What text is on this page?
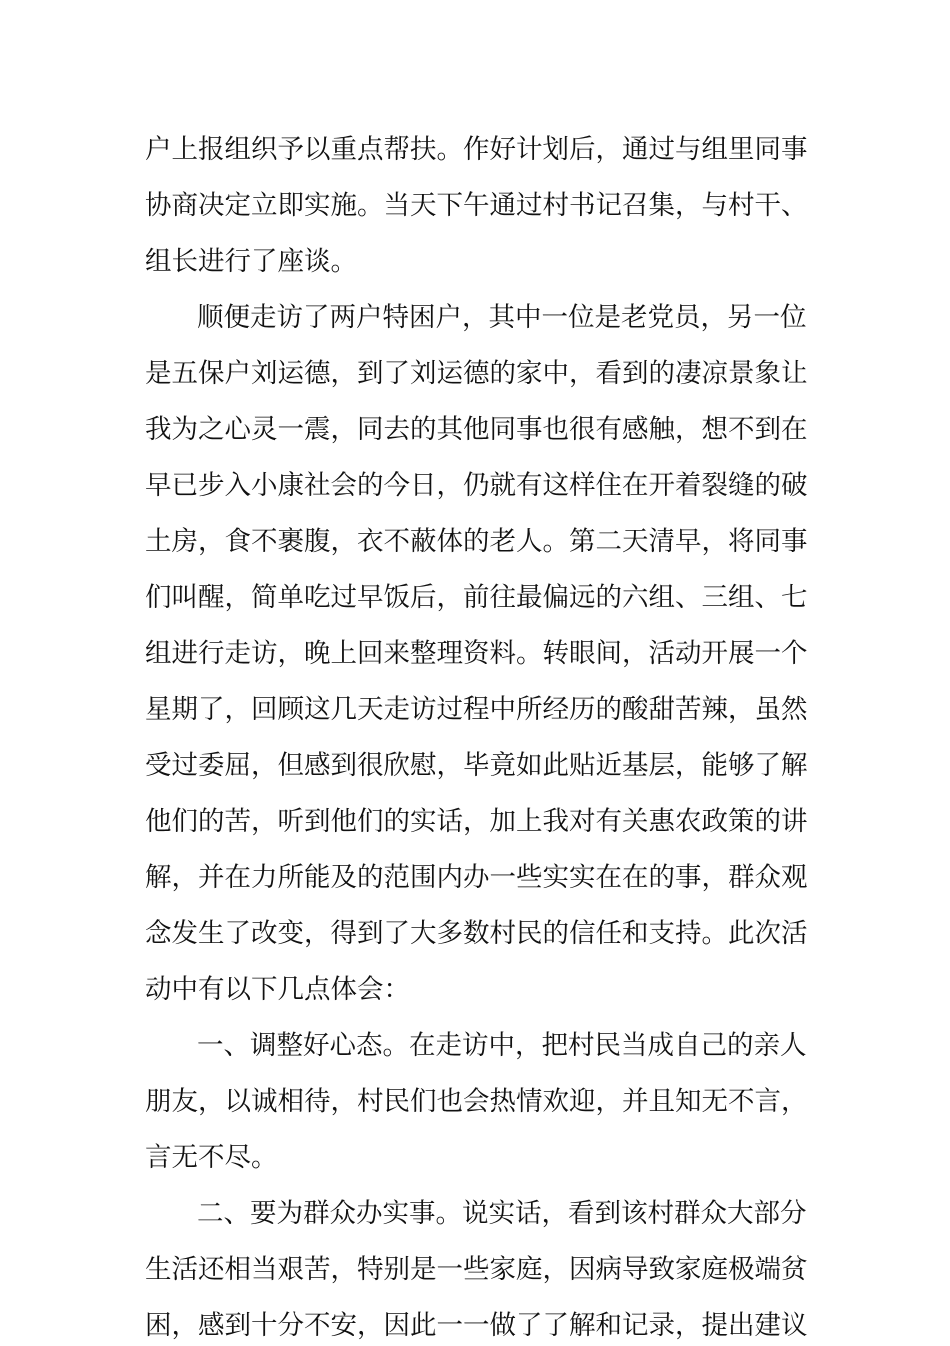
户上报组织予以重点帮扶。作好计划后，通过与组里同事
协商决定立即实施。当天下午通过村书记召集，与村干、
组长进行了座谈。
顺便走访了两户特困户，其中一位是老党员，另一位
是五保户刘运德，到了刘运德的家中，看到的凄凉景象让
我为之心灵一震，同去的其他同事也很有感触，想不到在
早已步入小康社会的今日，仍就有这样住在开着裂缝的破
土房，食不裹腹，衣不蔽体的老人。第二天清早，将同事
们叫醒，简单吃过早饭后，前往最偏远的六组、三组、七
组进行走访，晚上回来整理资料。转眼间，活动开展一个
星期了，回顾这几天走访过程中所经历的酸甜苦辣，虽然
受过委屈，但感到很欣慰，毕竟如此贴近基层，能够了解
他们的苦，听到他们的实话，加上我对有关惠农政策的讲
解，并在力所能及的范围内办一些实实在在的事，群众观
念发生了改变，得到了大多数村民的信任和支持。此次活
动中有以下几点体会：
一、调整好心态。在走访中，把村民当成自己的亲人
朋友，以诚相待，村民们也会热情欢迎，并且知无不言，
言无不尽。
二、要为群众办实事。说实话，看到该村群众大部分
生活还相当艰苦，特别是一些家庭，因病导致家庭极端贫
困，感到十分不安，因此一一做了了解和记录，提出建议
